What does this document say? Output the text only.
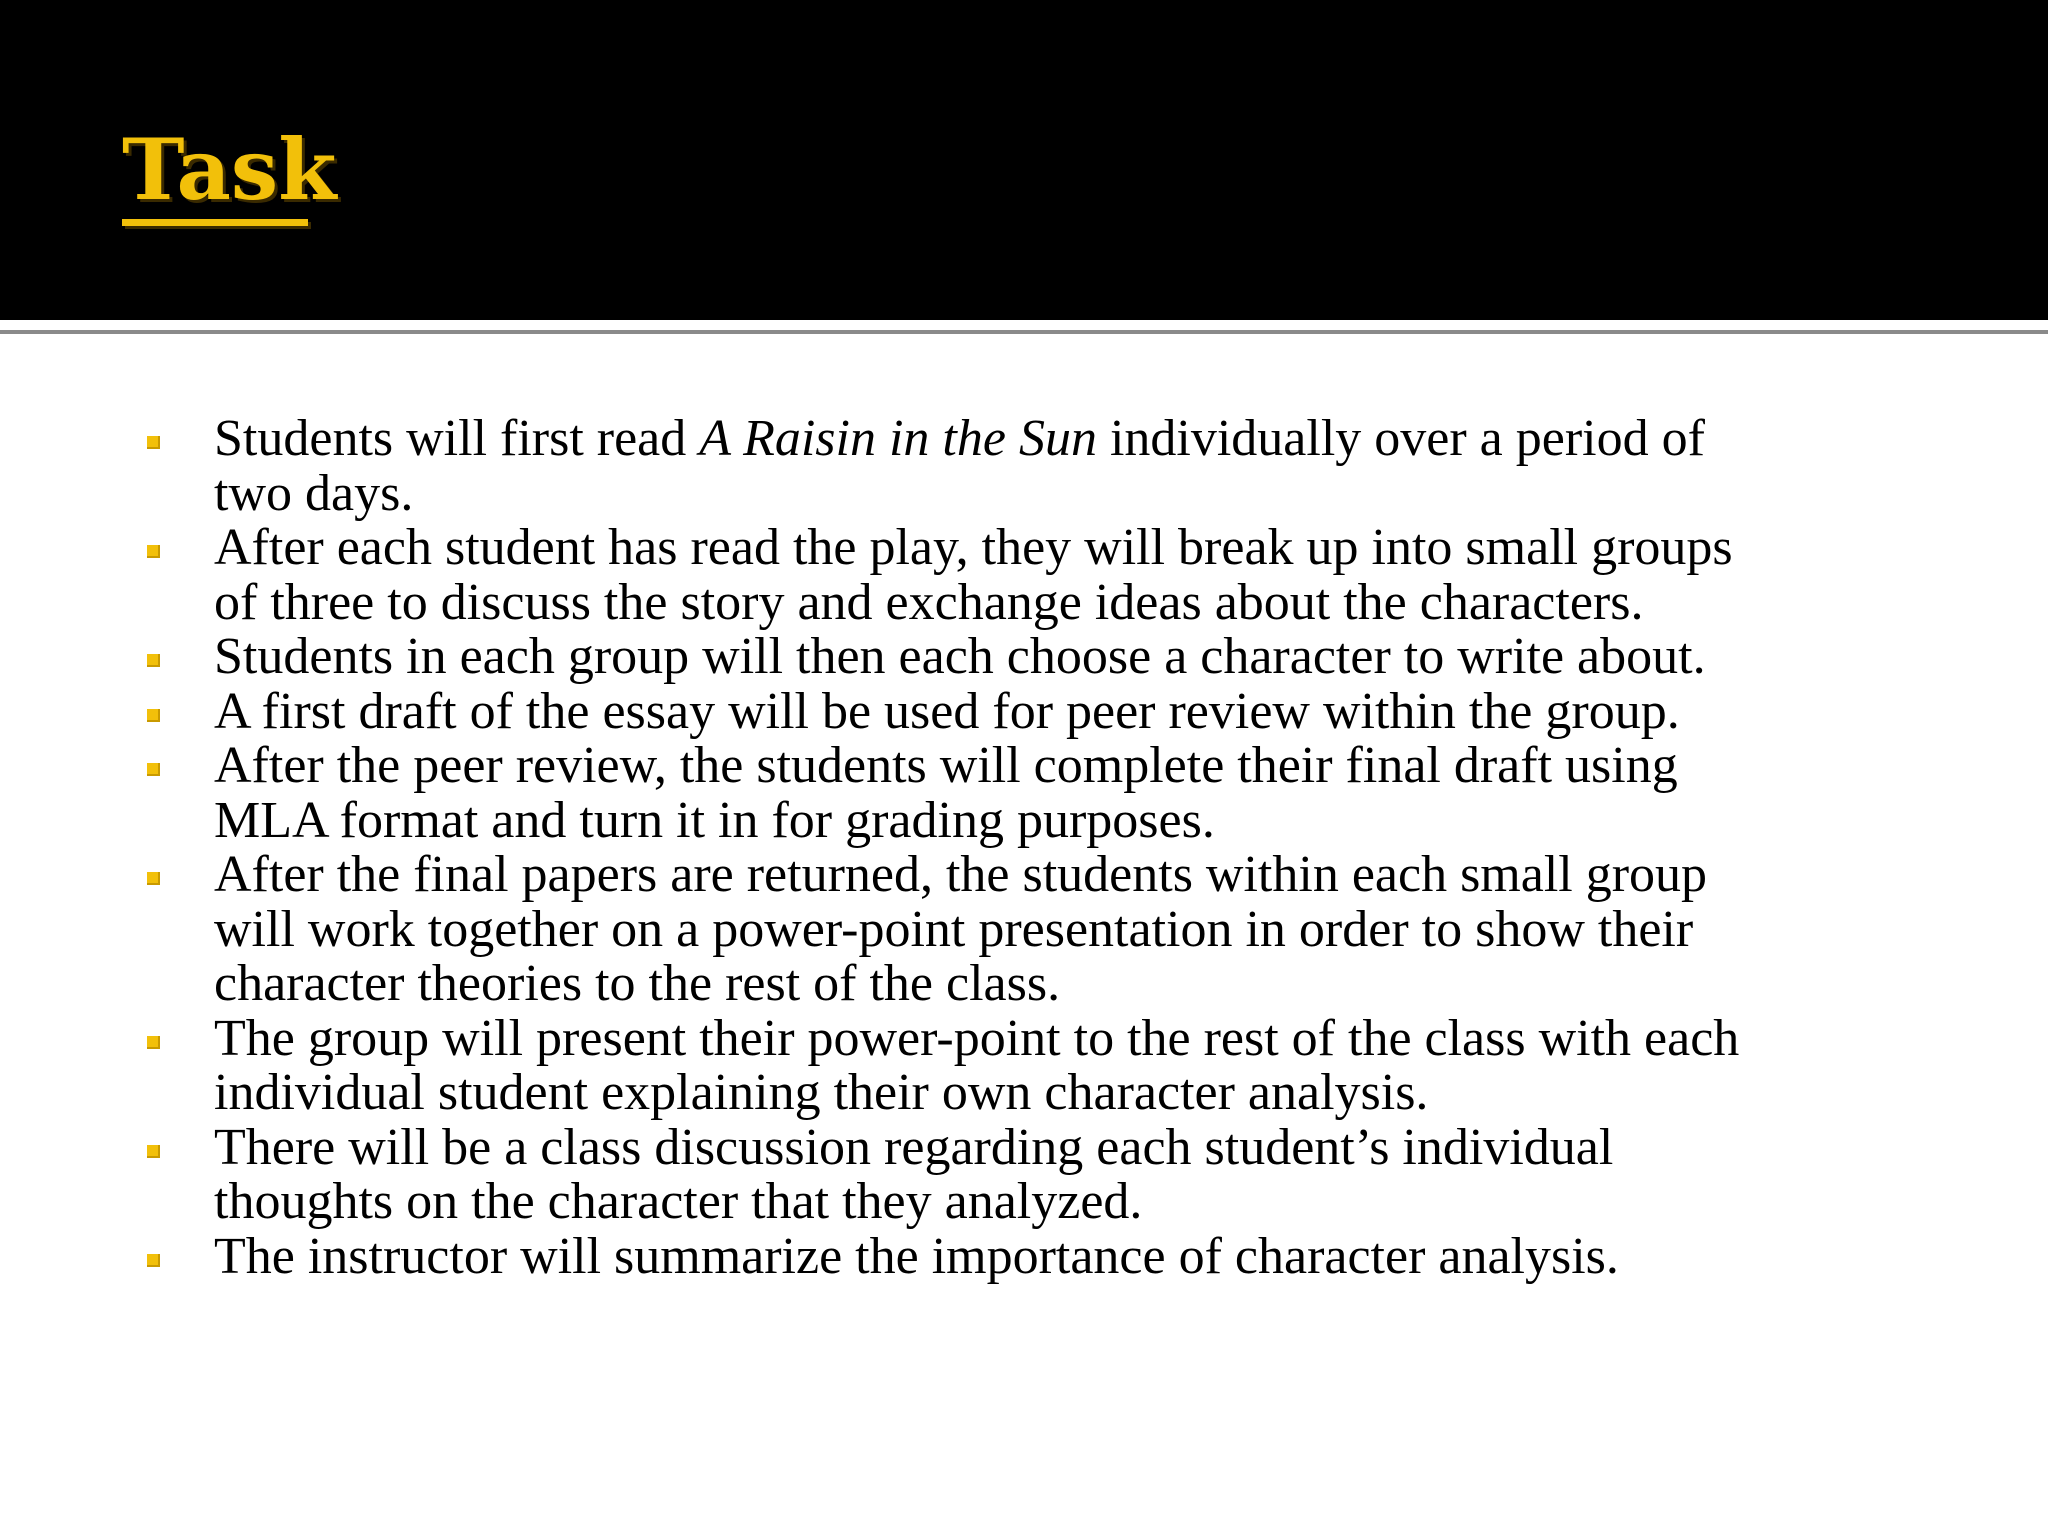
Task
Students will first read A Raisin in the Sun individually over a period of two days.
After each student has read the play, they will break up into small groups of three to discuss the story and exchange ideas about the characters.
Students in each group will then each choose a character to write about.
A first draft of the essay will be used for peer review within the group.
After the peer review, the students will complete their final draft using MLA format and turn it in for grading purposes.
After the final papers are returned, the students within each small group will work together on a power-point presentation in order to show their character theories to the rest of the class.
The group will present their power-point to the rest of the class with each individual student explaining their own character analysis.
There will be a class discussion regarding each student’s individual thoughts on the character that they analyzed.
The instructor will summarize the importance of character analysis.
